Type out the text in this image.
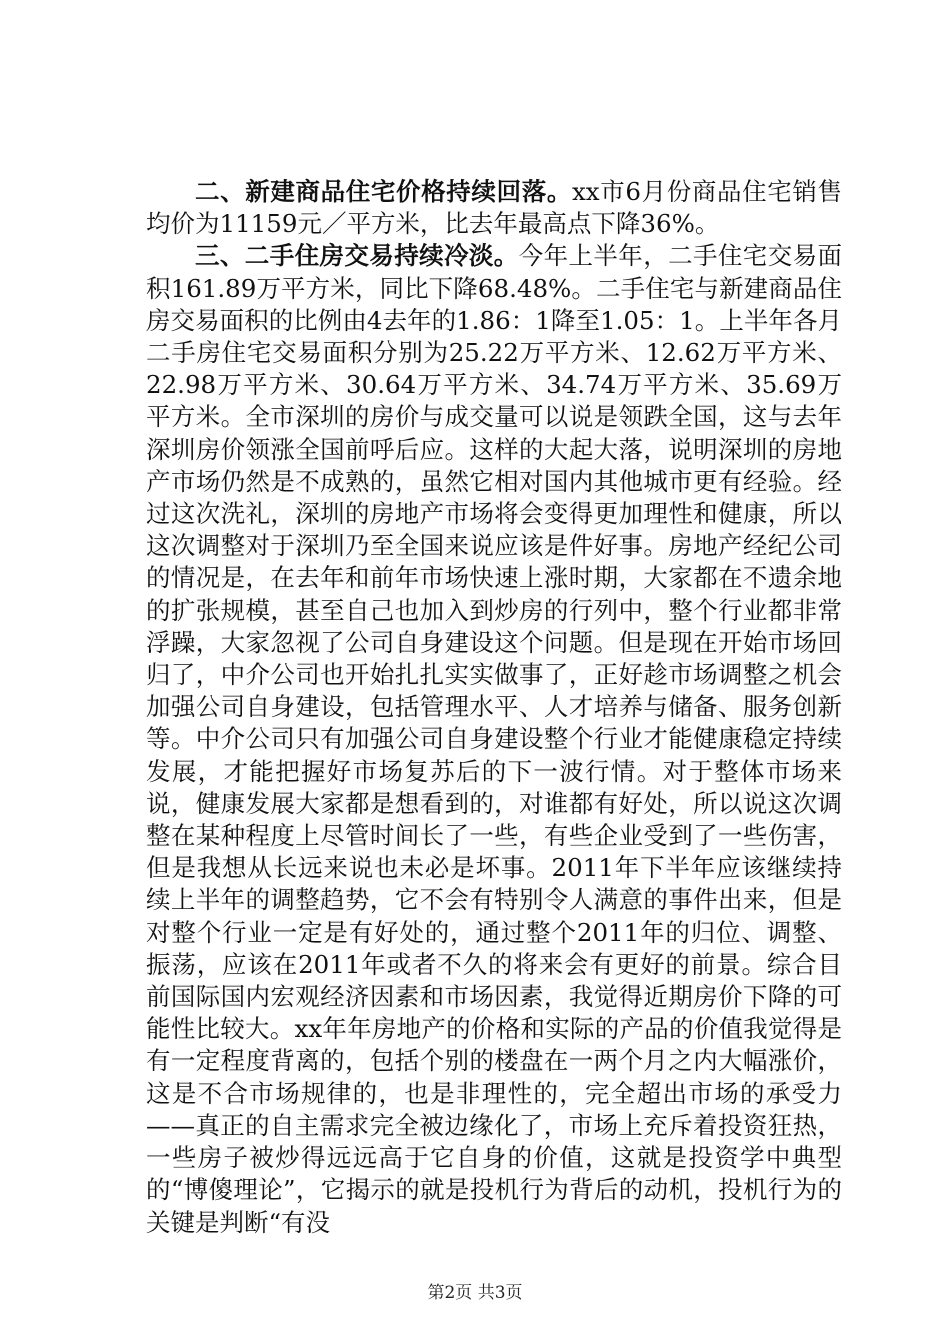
二、新建商品住宅价格持续回落。xx市6月份商品住宅销售均价为11159元／平方米，比去年最高点下降36%。

三、二手住房交易持续冷淡。今年上半年，二手住宅交易面积161.89万平方米，同比下降68.48%。二手住宅与新建商品住房交易面积的比例由4去年的1.86：1降至1.05：1。上半年各月二手房住宅交易面积分别为25.22万平方米、12.62万平方米、22.98万平方米、30.64万平方米、34.74万平方米、35.69万平方米。全市深圳的房价与成交量可以说是领跌全国，这与去年深圳房价领涨全国前呼后应。这样的大起大落，说明深圳的房地产市场仍然是不成熟的，虽然它相对国内其他城市更有经验。经过这次洗礼，深圳的房地产市场将会变得更加理性和健康，所以这次调整对于深圳乃至全国来说应该是件好事。房地产经纪公司的情况是，在去年和前年市场快速上涨时期，大家都在不遗余地的扩张规模，甚至自己也加入到炒房的行列中，整个行业都非常浮躁，大家忽视了公司自身建设这个问题。但是现在开始市场回归了，中介公司也开始扎扎实实做事了，正好趁市场调整之机会加强公司自身建设，包括管理水平、人才培养与储备、服务创新等。中介公司只有加强公司自身建设整个行业才能健康稳定持续发展，才能把握好市场复苏后的下一波行情。对于整体市场来说，健康发展大家都是想看到的，对谁都有好处，所以说这次调整在某种程度上尽管时间长了一些，有些企业受到了一些伤害，但是我想从长远来说也未必是坏事。2011年下半年应该继续持续上半年的调整趋势，它不会有特别令人满意的事件出来，但是对整个行业一定是有好处的，通过整个2011年的归位、调整、振荡，应该在2011年或者不久的将来会有更好的前景。综合目前国际国内宏观经济因素和市场因素，我觉得近期房价下降的可能性比较大。xx年年房地产的价格和实际的产品的价值我觉得是有一定程度背离的，包括个别的楼盘在一两个月之内大幅涨价，这是不合市场规律的，也是非理性的，完全超出市场的承受力——真正的自主需求完全被边缘化了，市场上充斥着投资狂热，一些房子被炒得远远高于它自身的价值，这就是投资学中典型的“博傻理论”，它揭示的就是投机行为背后的动机，投机行为的关键是判断“有没

第2页 共3页
